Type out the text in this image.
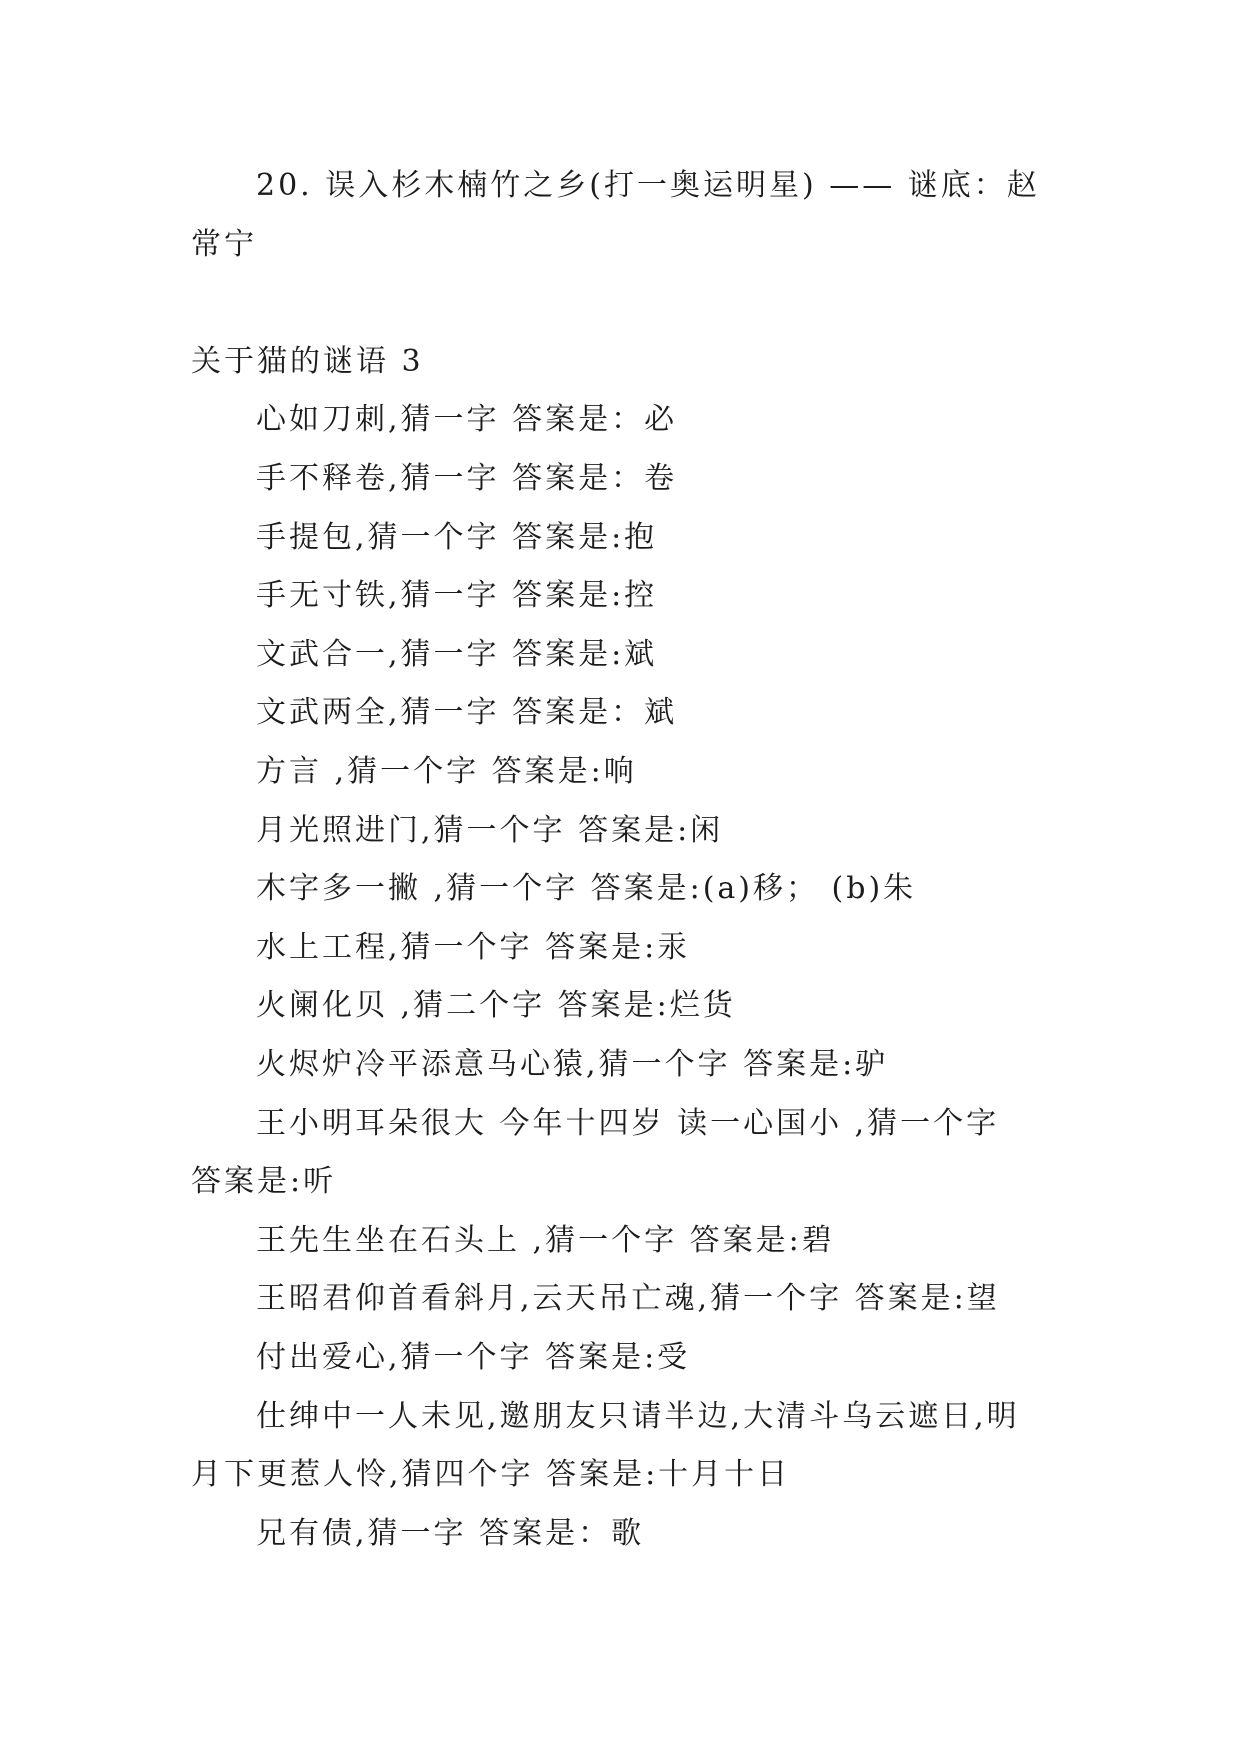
20. 误入杉木楠竹之乡(打一奥运明星) —— 谜底：赵
常宁
关于猫的谜语 3
心如刀刺,猜一字 答案是：必
手不释卷,猜一字 答案是：卷
手提包,猜一个字 答案是:抱
手无寸铁,猜一字 答案是:控
文武合一,猜一字 答案是:斌
文武两全,猜一字 答案是：斌
方言 ,猜一个字 答案是:响
月光照进门,猜一个字 答案是:闲
木字多一撇 ,猜一个字 答案是:(a)移； (b)朱
水上工程,猜一个字 答案是:汞
火阑化贝 ,猜二个字 答案是:烂货
火烬炉冷平添意马心猿,猜一个字 答案是:驴
王小明耳朵很大 今年十四岁 读一心国小 ,猜一个字
答案是:听
王先生坐在石头上 ,猜一个字 答案是:碧
王昭君仰首看斜月,云天吊亡魂,猜一个字 答案是:望
付出爱心,猜一个字 答案是:受
仕绅中一人未见,邀朋友只请半边,大清斗乌云遮日,明
月下更惹人怜,猜四个字 答案是:十月十日
兄有债,猜一字 答案是：歌
